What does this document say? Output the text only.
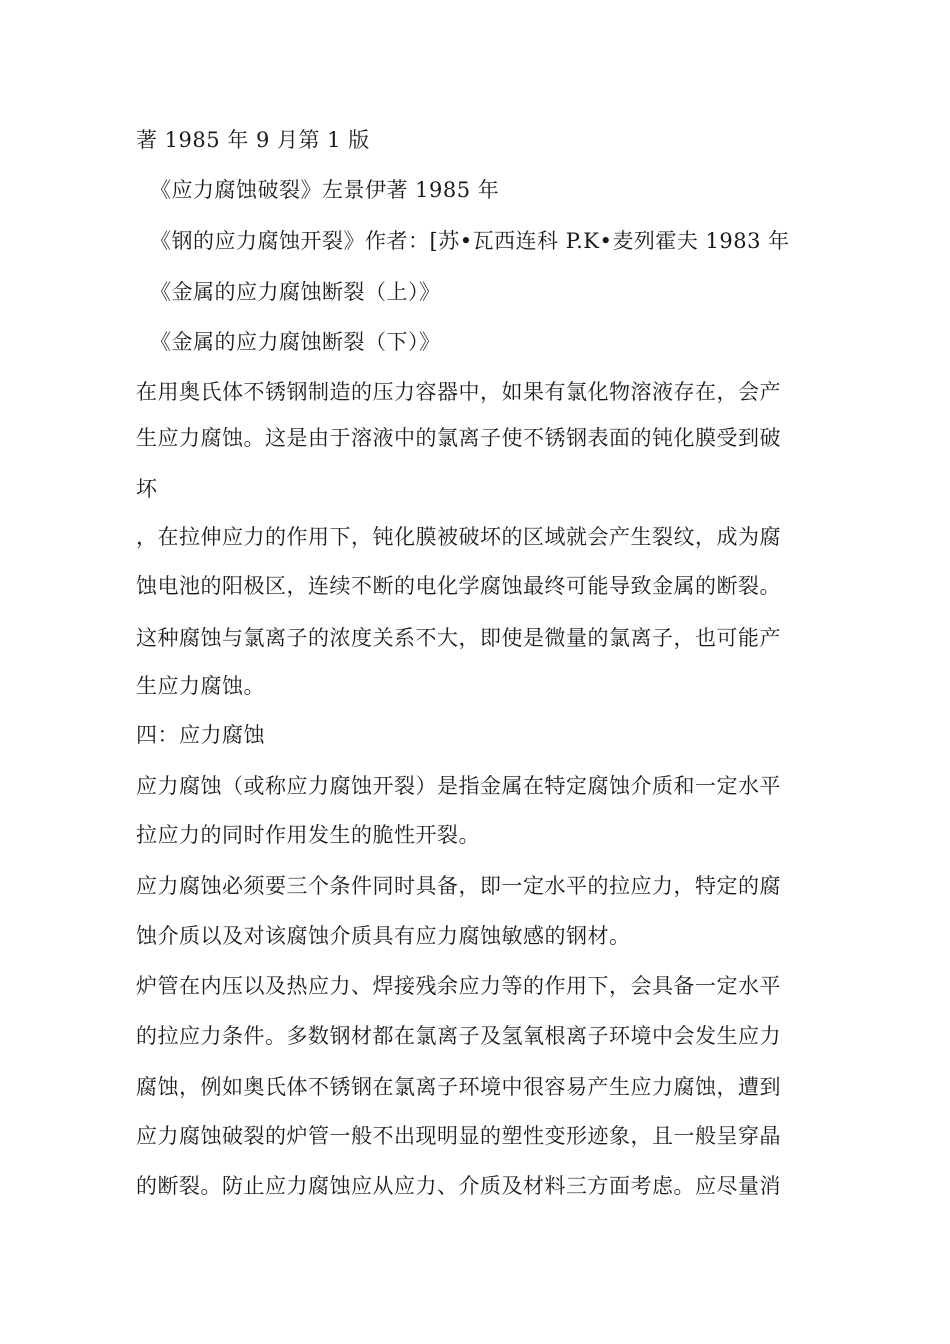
著 1985 年 9 月第 1 版
《应力腐蚀破裂》左景伊著 1985 年
《钢的应力腐蚀开裂》作者：[苏•瓦西连科 P.K•麦列霍夫 1983 年
《金属的应力腐蚀断裂（上）》
《金属的应力腐蚀断裂（下）》
在用奥氏体不锈钢制造的压力容器中，如果有氯化物溶液存在，会产
生应力腐蚀。这是由于溶液中的氯离子使不锈钢表面的钝化膜受到破
坏
，在拉伸应力的作用下，钝化膜被破坏的区域就会产生裂纹，成为腐
蚀电池的阳极区，连续不断的电化学腐蚀最终可能导致金属的断裂。
这种腐蚀与氯离子的浓度关系不大，即使是微量的氯离子，也可能产
生应力腐蚀。
四：应力腐蚀
应力腐蚀（或称应力腐蚀开裂）是指金属在特定腐蚀介质和一定水平
拉应力的同时作用发生的脆性开裂。
应力腐蚀必须要三个条件同时具备，即一定水平的拉应力，特定的腐
蚀介质以及对该腐蚀介质具有应力腐蚀敏感的钢材。
炉管在内压以及热应力、焊接残余应力等的作用下，会具备一定水平
的拉应力条件。多数钢材都在氯离子及氢氧根离子环境中会发生应力
腐蚀，例如奥氏体不锈钢在氯离子环境中很容易产生应力腐蚀，遭到
应力腐蚀破裂的炉管一般不出现明显的塑性变形迹象，且一般呈穿晶
的断裂。防止应力腐蚀应从应力、介质及材料三方面考虑。应尽量消
